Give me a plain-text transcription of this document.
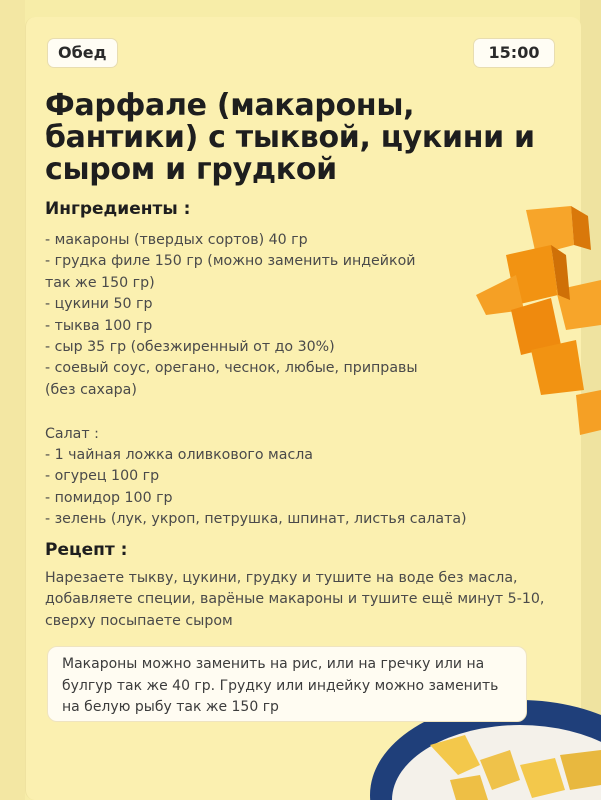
Обед	15:00
Фарфале (макароны, бантики) с тыквой, цукини и сыром и грудкой
Ингредиенты :
- макароны (твердых сортов) 40 гр
- грудка филе 150 гр (можно заменить индейкой
так же 150 гр)
- цукини 50 гр
- тыква 100 гр
- сыр 35 гр (обезжиренный от до 30%)
- соевый соус, орегано, чеснок, любые, приправы
(без сахара)
Салат :
- 1 чайная ложка оливкового масла
- огурец 100 гр
- помидор 100 гр
- зелень (лук, укроп, петрушка, шпинат, листья салата)
Рецепт :

Нарезаете тыкву, цукини, грудку и тушите на воде без масла, добавляете специи, варёные макароны и тушите ещё минут 5-10, сверху посыпаете сыром

Макароны можно заменить на рис, или на гречку или на булгур так же 40 гр. Грудку или индейку можно заменить на белую рыбу так же 150 гр
